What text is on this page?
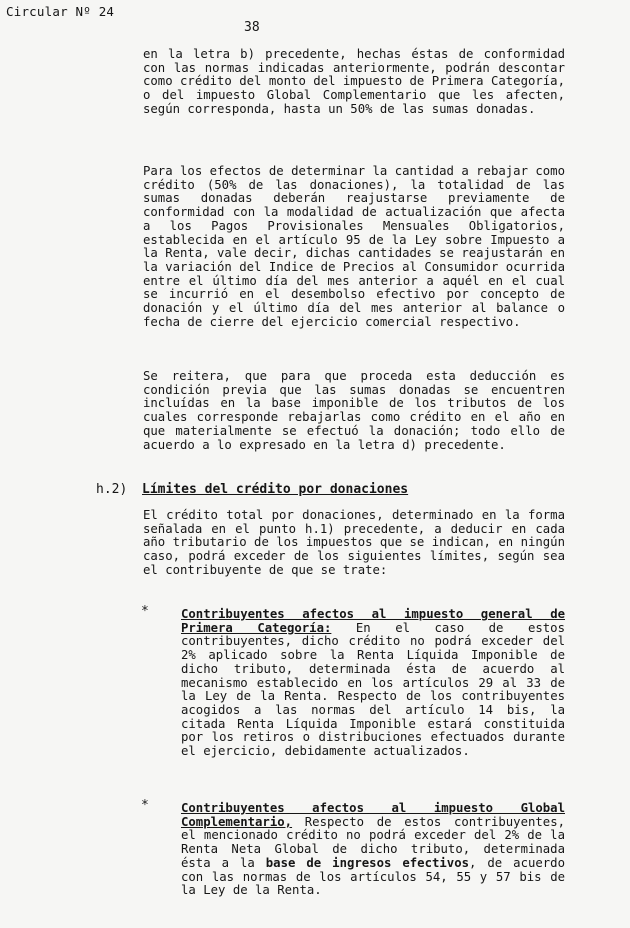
Circular Nº 24
38

en la letra b) precedente, hechas éstas de conformidad con las normas indicadas anteriormente, podrán descontar como crédito del monto del impuesto de Primera Categoría, o del impuesto Global Complementario que les afecten, según corresponda, hasta un 50% de las sumas donadas.

Para los efectos de determinar la cantidad a rebajar como crédito (50% de las donaciones), la totalidad de las sumas donadas deberán reajustarse previamente de conformidad con la modalidad de actualización que afecta a los Pagos Provisionales Mensuales Obligatorios, establecida en el artículo 95 de la Ley sobre Impuesto a la Renta, vale decir, dichas cantidades se reajustarán en la variación del Indice de Precios al Consumidor ocurrida entre el último día del mes anterior a aquél en el cual se incurrió en el desembolso efectivo por concepto de donación y el último día del mes anterior al balance o fecha de cierre del ejercicio comercial respectivo.

Se reitera, que para que proceda esta deducción es condición previa que las sumas donadas se encuentren incluídas en la base imponible de los tributos de los cuales corresponde rebajarlas como crédito en el año en que materialmente se efectuó la donación; todo ello de acuerdo a lo expresado en la letra d) precedente.

h.2) Límites del crédito por donaciones

El crédito total por donaciones, determinado en la forma señalada en el punto h.1) precedente, a deducir en cada año tributario de los impuestos que se indican, en ningún caso, podrá exceder de los siguientes límites, según sea el contribuyente de que se trate:

*	Contribuyentes afectos al impuesto general de Primera Categoría: En el caso de estos contribuyentes, dicho crédito no podrá exceder del 2% aplicado sobre la Renta Líquida Imponible de dicho tributo, determinada ésta de acuerdo al mecanismo establecido en los artículos 29 al 33 de la Ley de la Renta. Respecto de los contribuyentes acogidos a las normas del artículo 14 bis, la citada Renta Líquida Imponible estará constituida por los retiros o distribuciones efectuados durante el ejercicio, debidamente actualizados.

*	Contribuyentes afectos al impuesto Global Complementario, Respecto de estos contribuyentes, el mencionado crédito no podrá exceder del 2% de la Renta Neta Global de dicho tributo, determinada ésta a la base de ingresos efectivos, de acuerdo con las normas de los artículos 54, 55 y 57 bis de la Ley de la Renta.
